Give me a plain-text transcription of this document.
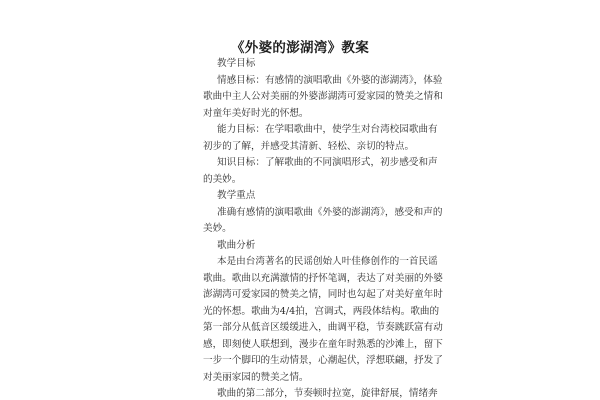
《外婆的澎湖湾》教案
教学目标
情感目标：有感情的演唱歌曲《外婆的澎湖湾》，体验
歌曲中主人公对美丽的外婆澎湖湾可爱家园的赞美之情和
对童年美好时光的怀想。
能力目标：在学唱歌曲中，使学生对台湾校园歌曲有
初步的了解，并感受其清新、轻松、亲切的特点。
知识目标：了解歌曲的不同演唱形式，初步感受和声
的美妙。
教学重点
准确有感情的演唱歌曲《外婆的澎湖湾》，感受和声的
美妙。
歌曲分析
本是由台湾著名的民谣创始人叶佳修创作的一首民谣
歌曲。歌曲以充满激情的抒怀笔调，表达了对美丽的外婆
澎湖湾可爱家园的赞美之情，同时也勾起了对美好童年时
光的怀想。歌曲为4/4拍，宫调式，两段体结构。歌曲的
第一部分从低音区缓缓进入，曲调平稳，节奏跳跃富有动
感，即刻使人联想到，漫步在童年时熟悉的沙滩上，留下
一步一个脚印的生动情景，心潮起伏，浮想联翩，抒发了
对美丽家园的赞美之情。
歌曲的第二部分，节奏顿时拉宽，旋律舒展，情绪奔
